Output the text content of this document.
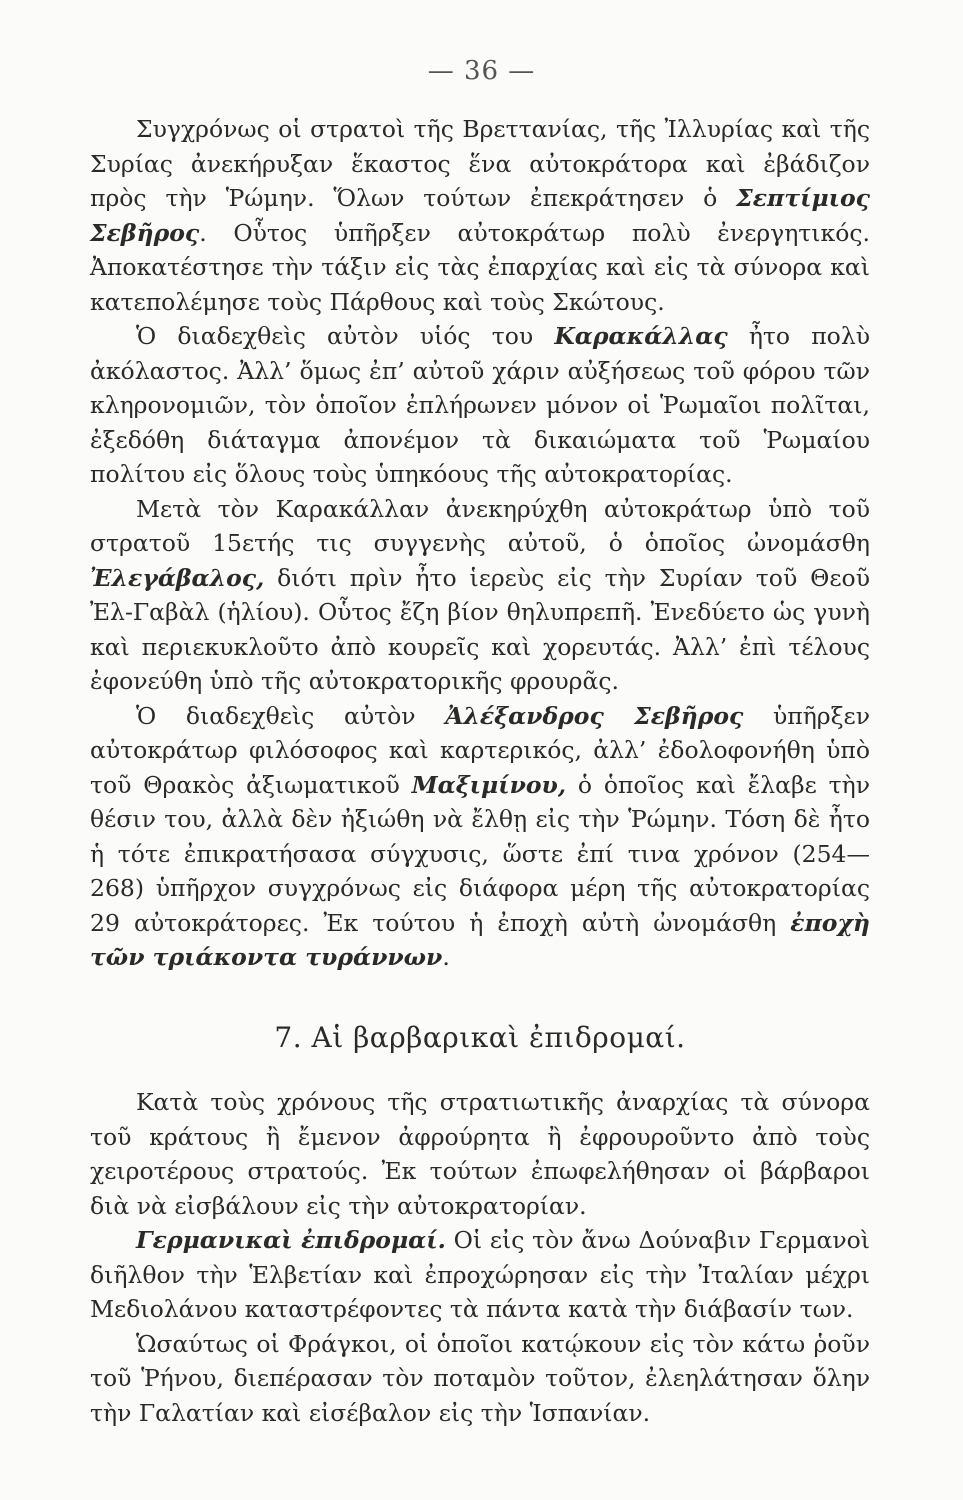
— 36 —

Συγχρόνως οἱ στρατοὶ τῆς Βρεττανίας, τῆς Ἰλλυρίας καὶ τῆς Συρίας ἀνεκήρυξαν ἕκαστος ἕνα αὐτοκράτορα καὶ ἐβάδιζον πρὸς τὴν Ῥώμην. Ὅλων τούτων ἐπεκράτησεν ὁ Σεπτίμιος Σεβῆρος. Οὗτος ὑπῆρξεν αὐτοκράτωρ πολὺ ἐνεργητικός. Ἀποκατέστησε τὴν τάξιν εἰς τὰς ἐπαρχίας καὶ εἰς τὰ σύνορα καὶ κατεπολέμησε τοὺς Πάρθους καὶ τοὺς Σκώτους.

Ὁ διαδεχθεὶς αὐτὸν υἱός του Καρακάλλας ἦτο πολὺ ἀκόλαστος. Ἀλλ’ ὅμως ἐπ’ αὐτοῦ χάριν αὐξήσεως τοῦ φόρου τῶν κληρονομιῶν, τὸν ὁποῖον ἐπλήρωνεν μόνον οἱ Ῥωμαῖοι πολῖται, ἐξεδόθη διάταγμα ἀπονέμον τὰ δικαιώματα τοῦ Ῥωμαίου πολίτου εἰς ὅλους τοὺς ὑπηκόους τῆς αὐτοκρατορίας.

Μετὰ τὸν Καρακάλλαν ἀνεκηρύχθη αὐτοκράτωρ ὑπὸ τοῦ στρατοῦ 15ετής τις συγγενὴς αὐτοῦ, ὁ ὁποῖος ὠνομάσθη Ἐλεγάβαλος, διότι πρὶν ἦτο ἱερεὺς εἰς τὴν Συρίαν τοῦ Θεοῦ Ἐλ-Γαβὰλ (ἡλίου). Οὗτος ἔζη βίον θηλυπρεπῆ. Ἐνεδύετο ὡς γυνὴ καὶ περιεκυκλοῦτο ἀπὸ κουρεῖς καὶ χορευτάς. Ἀλλ’ ἐπὶ τέλους ἐφονεύθη ὑπὸ τῆς αὐτοκρατορικῆς φρουρᾶς.

Ὁ διαδεχθεὶς αὐτὸν Ἀλέξανδρος Σεβῆρος ὑπῆρξεν αὐτοκράτωρ φιλόσοφος καὶ καρτερικός, ἀλλ’ ἐδολοφονήθη ὑπὸ τοῦ Θρακὸς ἀξιωματικοῦ Μαξιμίνου, ὁ ὁποῖος καὶ ἔλαβε τὴν θέσιν του, ἀλλὰ δὲν ἠξιώθη νὰ ἔλθῃ εἰς τὴν Ῥώμην. Τόση δὲ ἦτο ἡ τότε ἐπικρατήσασα σύγχυσις, ὥστε ἐπί τινα χρόνον (254—268) ὑπῆρχον συγχρόνως εἰς διάφορα μέρη τῆς αὐτοκρατορίας 29 αὐτοκράτορες. Ἐκ τούτου ἡ ἐποχὴ αὐτὴ ὠνομάσθη ἐποχὴ τῶν τριάκοντα τυράννων.

7. Αἱ βαρβαρικαὶ ἐπιδρομαί.

Κατὰ τοὺς χρόνους τῆς στρατιωτικῆς ἀναρχίας τὰ σύνορα τοῦ κράτους ἢ ἔμενον ἀφρούρητα ἢ ἐφρουροῦντο ἀπὸ τοὺς χειροτέρους στρατούς. Ἐκ τούτων ἐπωφελήθησαν οἱ βάρβαροι διὰ νὰ εἰσβάλουν εἰς τὴν αὐτοκρατορίαν.

Γερμανικαὶ ἐπιδρομαί. Οἱ εἰς τὸν ἄνω Δούναβιν Γερμανοὶ διῆλθον τὴν Ἑλβετίαν καὶ ἐπροχώρησαν εἰς τὴν Ἰταλίαν μέχρι Μεδιολάνου καταστρέφοντες τὰ πάντα κατὰ τὴν διάβασίν των.

Ὡσαύτως οἱ Φράγκοι, οἱ ὁποῖοι κατῴκουν εἰς τὸν κάτω ῥοῦν τοῦ Ῥήνου, διεπέρασαν τὸν ποταμὸν τοῦτον, ἐλεηλάτησαν ὅλην τὴν Γαλατίαν καὶ εἰσέβαλον εἰς τὴν Ἱσπανίαν.
